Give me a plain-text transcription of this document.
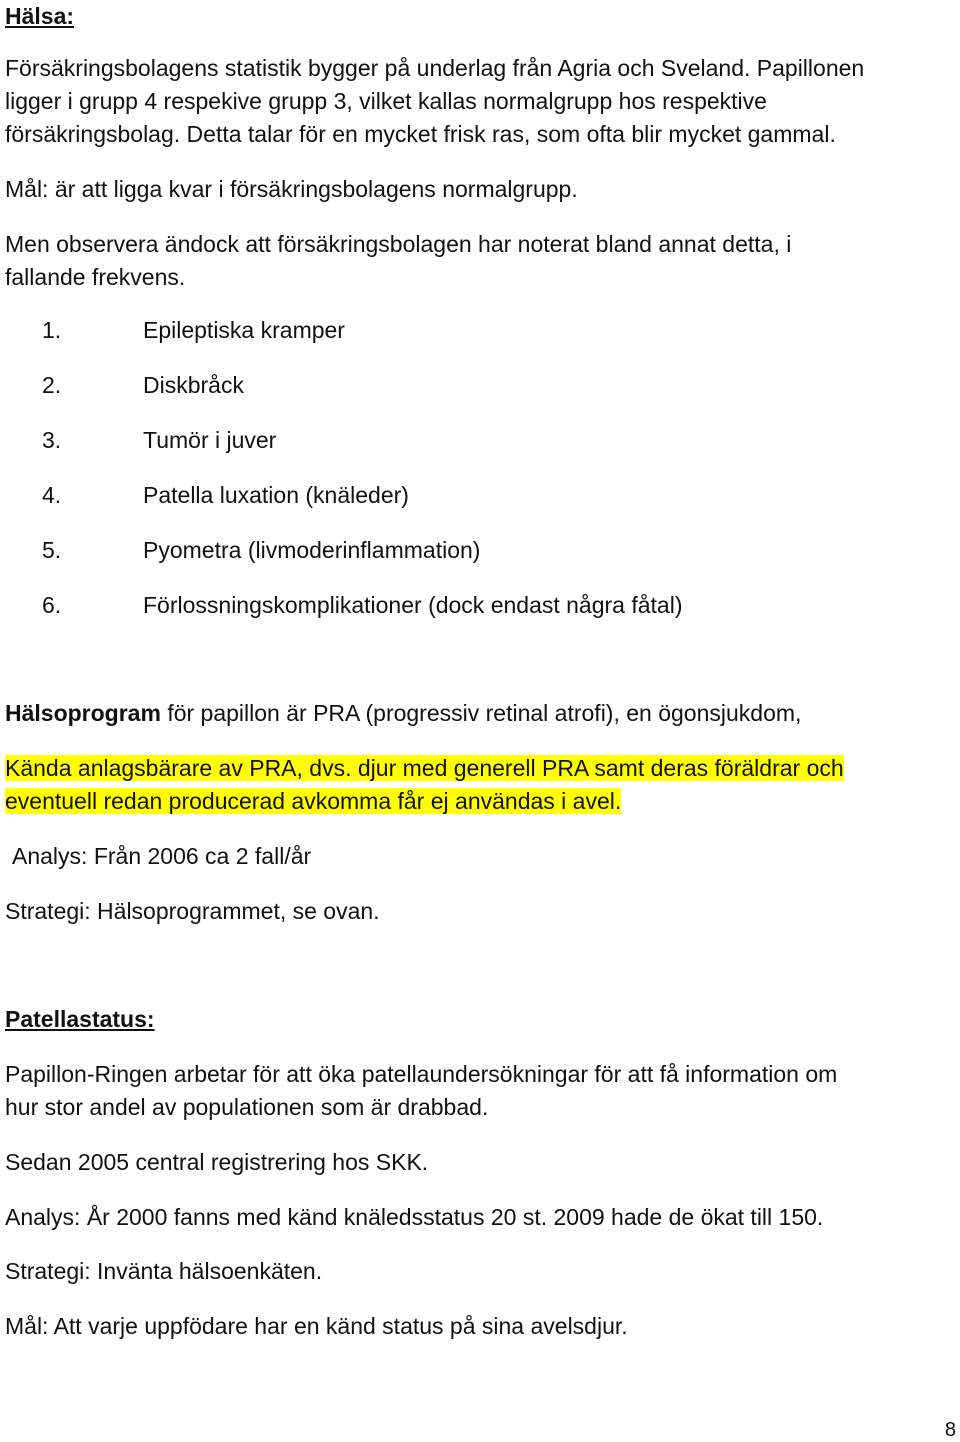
Hälsa:

Försäkringsbolagens statistik bygger på underlag från Agria och Sveland. Papillonen

ligger i grupp 4 respekive grupp 3, vilket kallas normalgrupp hos respektive

försäkringsbolag. Detta talar för en mycket frisk ras, som ofta blir mycket gammal.

Mål: är att ligga kvar i försäkringsbolagens normalgrupp.

Men observera ändock att försäkringsbolagen har noterat bland annat detta, i

fallande frekvens.

1.	Epileptiska kramper
2.	Diskbråck
3.	Tumör i juver
4.	Patella luxation (knäleder)
5.	Pyometra (livmoderinflammation)
6.	Förlossningskomplikationer (dock endast några fåtal)

Hälsoprogram för papillon är PRA (progressiv retinal atrofi), en ögonsjukdom,

Kända anlagsbärare av PRA, dvs. djur med generell PRA samt deras föräldrar och

eventuell redan producerad avkomma får ej användas i avel.

Analys: Från 2006 ca 2 fall/år

Strategi: Hälsoprogrammet, se ovan.

Patellastatus:

Papillon-Ringen arbetar för att öka patellaundersökningar för att få information om

hur stor andel av populationen som är drabbad.

Sedan 2005 central registrering hos SKK.

Analys: År 2000 fanns med känd knäledsstatus 20 st. 2009 hade de ökat till 150.

Strategi: Invänta hälsoenkäten.

Mål: Att varje uppfödare har en känd status på sina avelsdjur.

8
